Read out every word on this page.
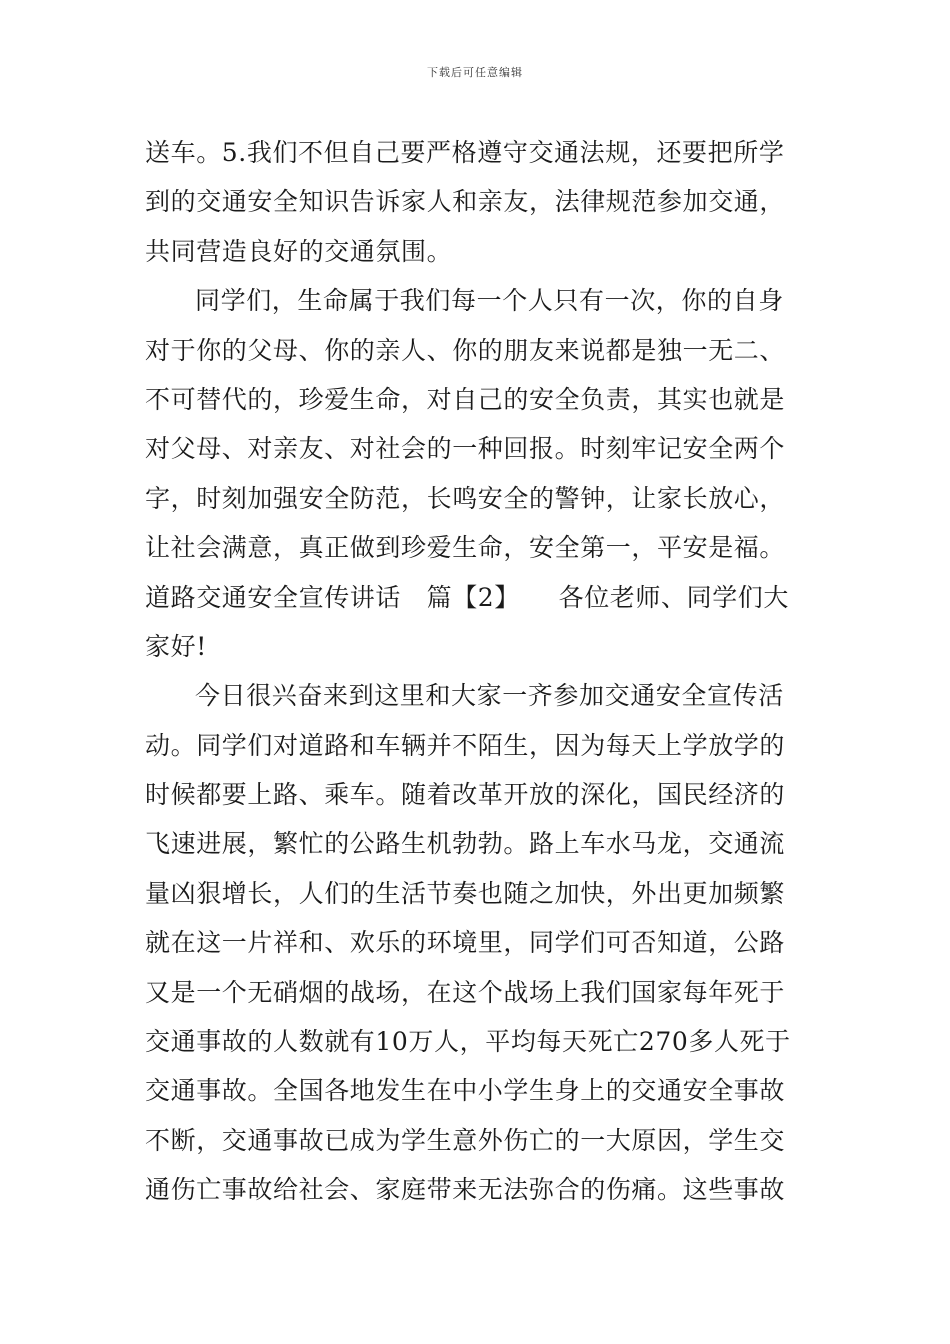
下载后可任意编辑
送车。5.我们不但自己要严格遵守交通法规，还要把所学
到的交通安全知识告诉家人和亲友，法律规范参加交通，
共同营造良好的交通氛围。
同学们，生命属于我们每一个人只有一次，你的自身
对于你的父母、你的亲人、你的朋友来说都是独一无二、
不可替代的，珍爱生命，对自己的安全负责，其实也就是
对父母、对亲友、对社会的一种回报。时刻牢记安全两个
字，时刻加强安全防范，长鸣安全的警钟，让家长放心，
让社会满意，真正做到珍爱生命，安全第一，平安是福。
道路交通安全宣传讲话　篇【2】　　各位老师、同学们大
家好!
今日很兴奋来到这里和大家一齐参加交通安全宣传活
动。同学们对道路和车辆并不陌生，因为每天上学放学的
时候都要上路、乘车。随着改革开放的深化，国民经济的
飞速进展，繁忙的公路生机勃勃。路上车水马龙，交通流
量凶狠增长，人们的生活节奏也随之加快，外出更加频繁
就在这一片祥和、欢乐的环境里，同学们可否知道，公路
又是一个无硝烟的战场，在这个战场上我们国家每年死于
交通事故的人数就有10万人，平均每天死亡270多人死于
交通事故。全国各地发生在中小学生身上的交通安全事故
不断，交通事故已成为学生意外伤亡的一大原因，学生交
通伤亡事故给社会、家庭带来无法弥合的伤痛。这些事故
